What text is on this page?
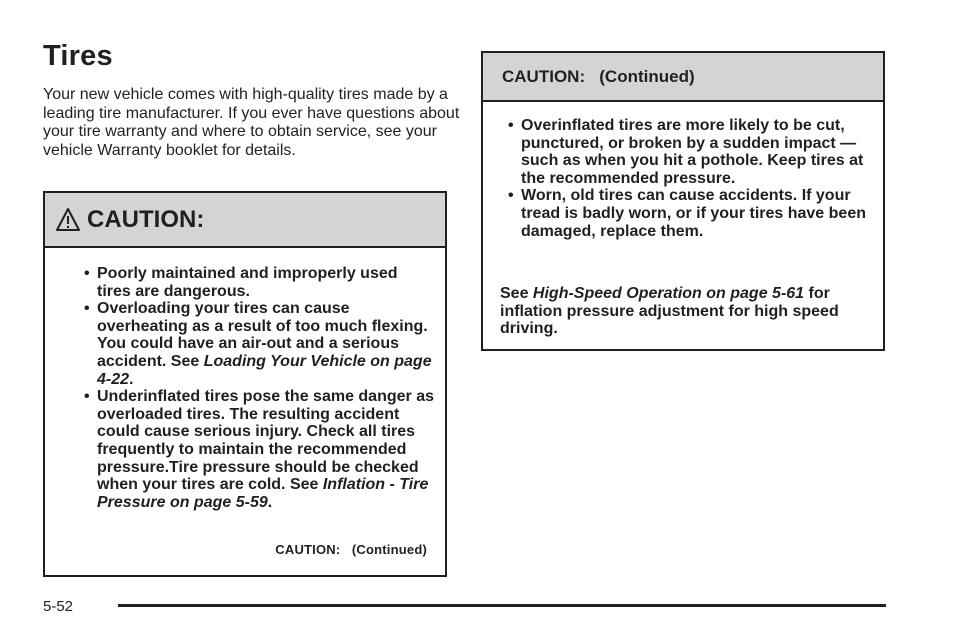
Tires

Your new vehicle comes with high-quality tires made by a leading tire manufacturer. If you ever have questions about your tire warranty and where to obtain service, see your vehicle Warranty booklet for details.

CAUTION:
• Poorly maintained and improperly used tires are dangerous.
• Overloading your tires can cause overheating as a result of too much flexing. You could have an air-out and a serious accident. See Loading Your Vehicle on page 4-22.
• Underinflated tires pose the same danger as overloaded tires. The resulting accident could cause serious injury. Check all tires frequently to maintain the recommended pressure.Tire pressure should be checked when your tires are cold. See Inflation - Tire Pressure on page 5-59.
CAUTION:   (Continued)
CAUTION:   (Continued)
• Overinflated tires are more likely to be cut, punctured, or broken by a sudden impact — such as when you hit a pothole. Keep tires at the recommended pressure.
• Worn, old tires can cause accidents. If your tread is badly worn, or if your tires have been damaged, replace them.

See High-Speed Operation on page 5-61 for inflation pressure adjustment for high speed driving.

5-52
